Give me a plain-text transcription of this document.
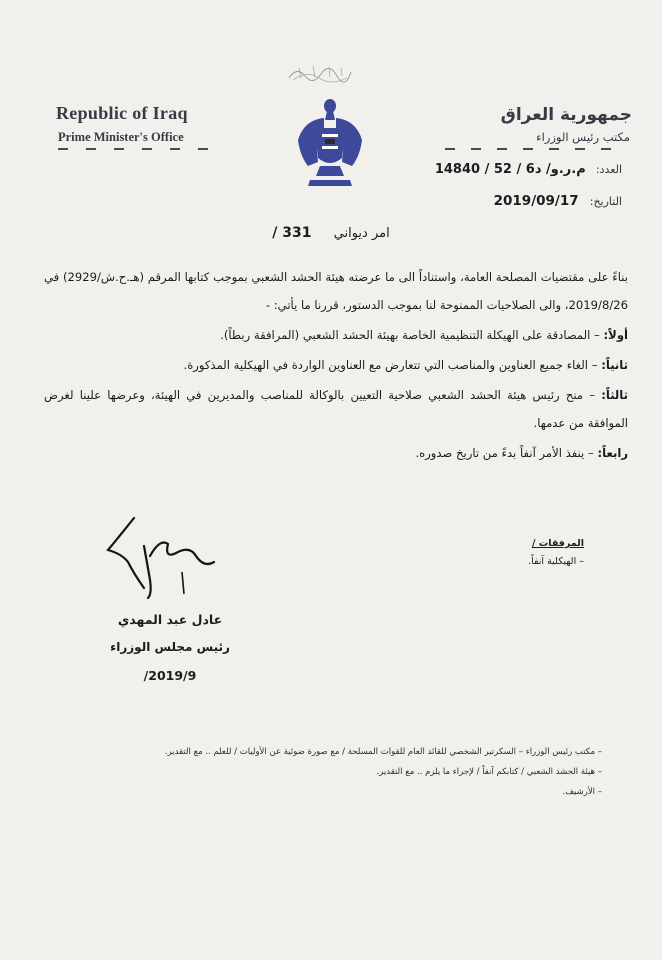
Republic of Iraq
Prime Minister's Office
جمهورية العراق
مكتب رئيس الوزراء
العدد: م.ر.و/ د6 / 52 / 14840
التاريخ: 2019/09/17
امر ديواني 331 /

بناءً على مقتضيات المصلحة العامة، واستناداً الى ما عرضته هيئة الحشد الشعبي بموجب كتابها المرقم (هـ.ح.ش/2929) في 2019/8/26، والى الصلاحيات الممنوحة لنا بموجب الدستور، قررنا ما يأتي: -

أولاً: – المصادقة على الهيكلة التنظيمية الخاصة بهيئة الحشد الشعبي (المرافقة ربطاً).

ثانياً: – الغاء جميع العناوين والمناصب التي تتعارض مع العناوين الواردة في الهيكلية المذكورة.

ثالثاً: – منح رئيس هيئة الحشد الشعبي صلاحية التعيين بالوكالة للمناصب والمديرين في الهيئة، وعرضها علينا لغرض الموافقة من عدمها.

رابعاً: – ينفذ الأمر آنفاً بدءً من تاريخ صدوره.

المرفقات /
– الهيكلية آنفاً.
عادل عبد المهدي
رئيس مجلس الوزراء
2019/9/
– مكتب رئيس الوزراء – السكرتير الشخصي للقائد العام للقوات المسلحة / مع صورة ضوئية عن الأوليات / للعلم .. مع التقدير.
– هيئة الحشد الشعبي / كتابكم آنفاً / لإجراء ما يلزم .. مع التقدير.
– الأرشيف.
